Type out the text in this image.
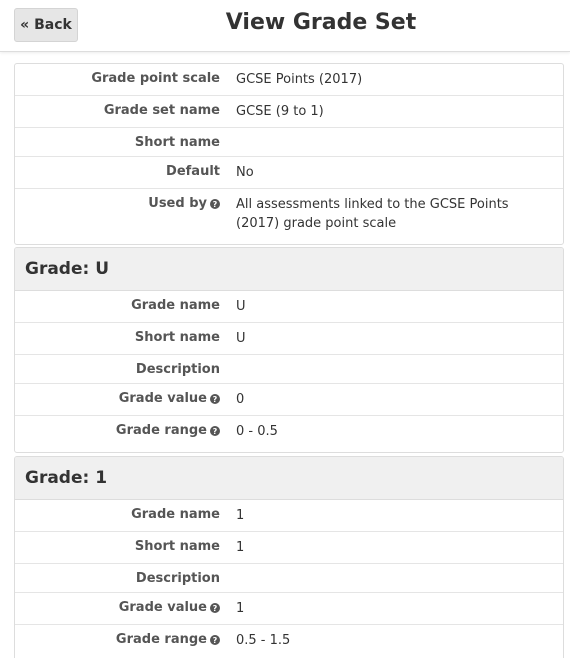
« Back	View Grade Set
Grade point scale GCSE Points (2017)
Grade set name GCSE (9 to 1)
Short name
Default No
Used by ? All assessments linked to the GCSE Points (2017) grade point scale
Grade: U
Grade name U
Short name U
Description
Grade value ? 0
Grade range ? 0 - 0.5
Grade: 1
Grade name 1
Short name 1
Description
Grade value ? 1
Grade range ? 0.5 - 1.5
